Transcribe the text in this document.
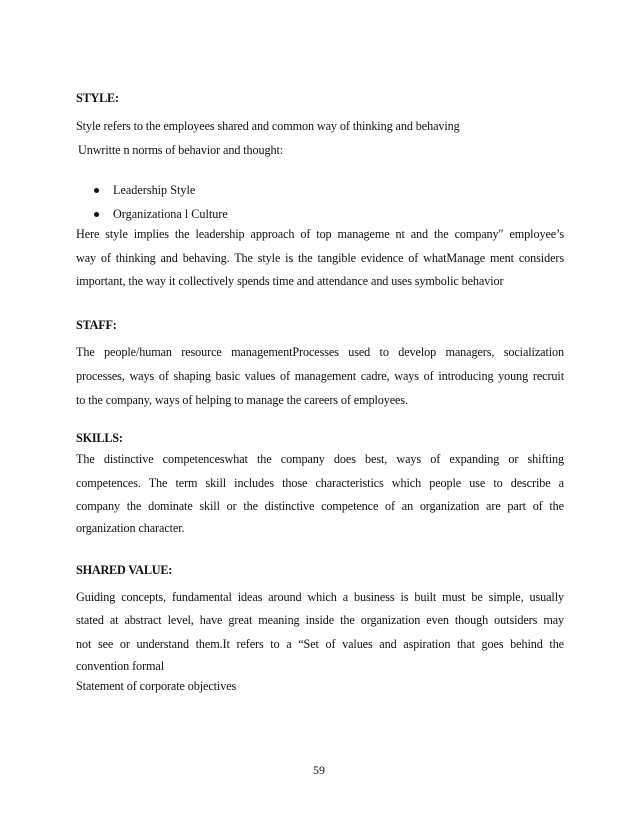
STYLE:
Style refers to the employees shared and common way of thinking and behaving
Unwritte n norms of behavior and thought:
Leadership Style
Organizationa l Culture
Here style implies the leadership approach of top manageme nt and the company″ employee’s
way of thinking and behaving. The style is the tangible evidence of whatManage ment considers
important, the way it collectively spends time and attendance and uses symbolic behavior
STAFF:
The people/human resource managementProcesses used to develop managers, socialization
processes, ways of shaping basic values of management cadre, ways of introducing young recruit
to the company, ways of helping to manage the careers of employees.
SKILLS:
The distinctive competenceswhat the company does best, ways of expanding or shifting
competences. The term skill includes those characteristics which people use to describe a
company the dominate skill or the distinctive competence of an organization are part of the
organization character.
SHARED VALUE:
Guiding concepts, fundamental ideas around which a business is built must be simple, usually
stated at abstract level, have great meaning inside the organization even though outsiders may
not see or understand them.It refers to a “Set of values and aspiration that goes behind the
convention formal
Statement of corporate objectives
59
